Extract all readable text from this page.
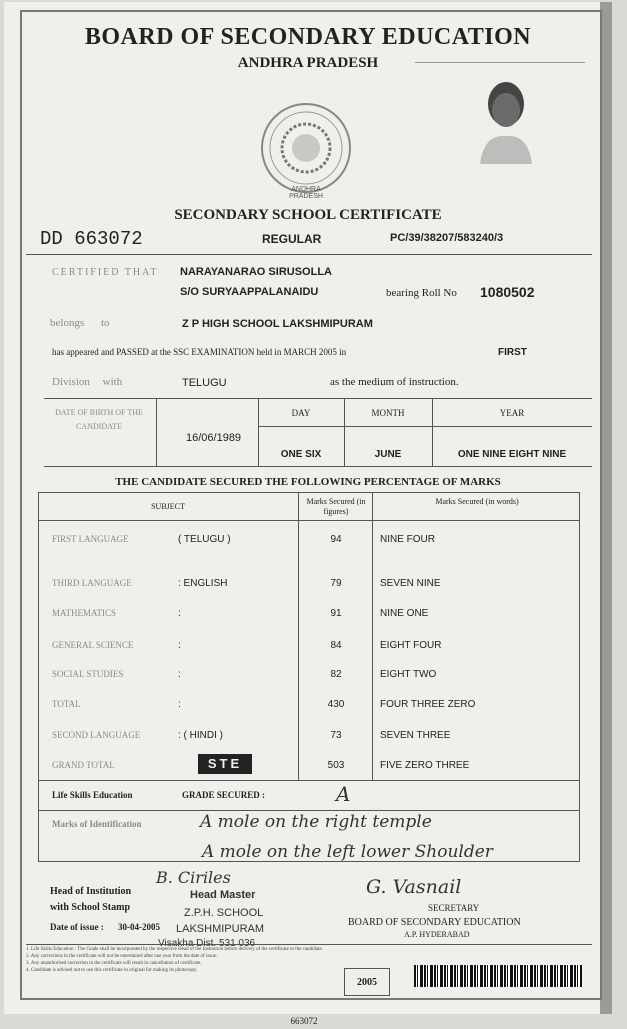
BOARD OF SECONDARY EDUCATION
ANDHRA PRADESH
ANDHRA PRADESH
SECONDARY SCHOOL CERTIFICATE
DD 663072	REGULAR	PC/39/38207/583240/3
CERTIFIED THAT NARAYANARAO SIRUSOLLA
S/O SURYAAPPALANAIDU	bearing Roll No 1080502
belongs to	Z P HIGH SCHOOL LAKSHMIPURAM
has appeared and PASSED at the SSC EXAMINATION held in MARCH 2005 in	FIRST
Division with	TELUGU	as the medium of instruction.
DATE OF BIRTH OF THE CANDIDATE
16/06/1989
DAY	MONTH	YEAR
ONE SIX	JUNE	ONE NINE EIGHT NINE
THE CANDIDATE SECURED THE FOLLOWING PERCENTAGE OF MARKS
SUBJECT
Marks Secured (in figures)
Marks Secured (in words)
FIRST LANGUAGE	( TELUGU )	94	NINE FOUR
THIRD LANGUAGE	: ENGLISH	79	SEVEN NINE
MATHEMATICS	:	91	NINE ONE
GENERAL SCIENCE	:	84	EIGHT FOUR
SOCIAL STUDIES	:	82	EIGHT TWO
TOTAL	:	430	FOUR THREE ZERO
SECOND LANGUAGE	: ( HINDI )	73	SEVEN THREE
GRAND TOTAL	503	FIVE ZERO THREE
STE
Life Skills Education	GRADE SECURED :	A
Marks of Identification	A mole on the right temple
A mole on the left lower Shoulder
Head of Institution with School Stamp
Date of issue : 30-04-2005
B. Ciriles
Head Master
Z.P.H. SCHOOL
LAKSHMIPURAM
G. Vasnail
SECRETARY
BOARD OF SECONDARY EDUCATION
A.P. HYDERABAD
1. Life Skills Education : The Grade shall be incorporated by the respective Head of the Institution before delivery of the certificate to the candidate.
2. Any corrections in the certificate will not be entertained after one year from the date of issue.
3. Any unauthorised correction in the certificate will result in cancellation of certificate.
4. Candidate is advised not to use this certificate in original for making its photocopy.
2005
663072
